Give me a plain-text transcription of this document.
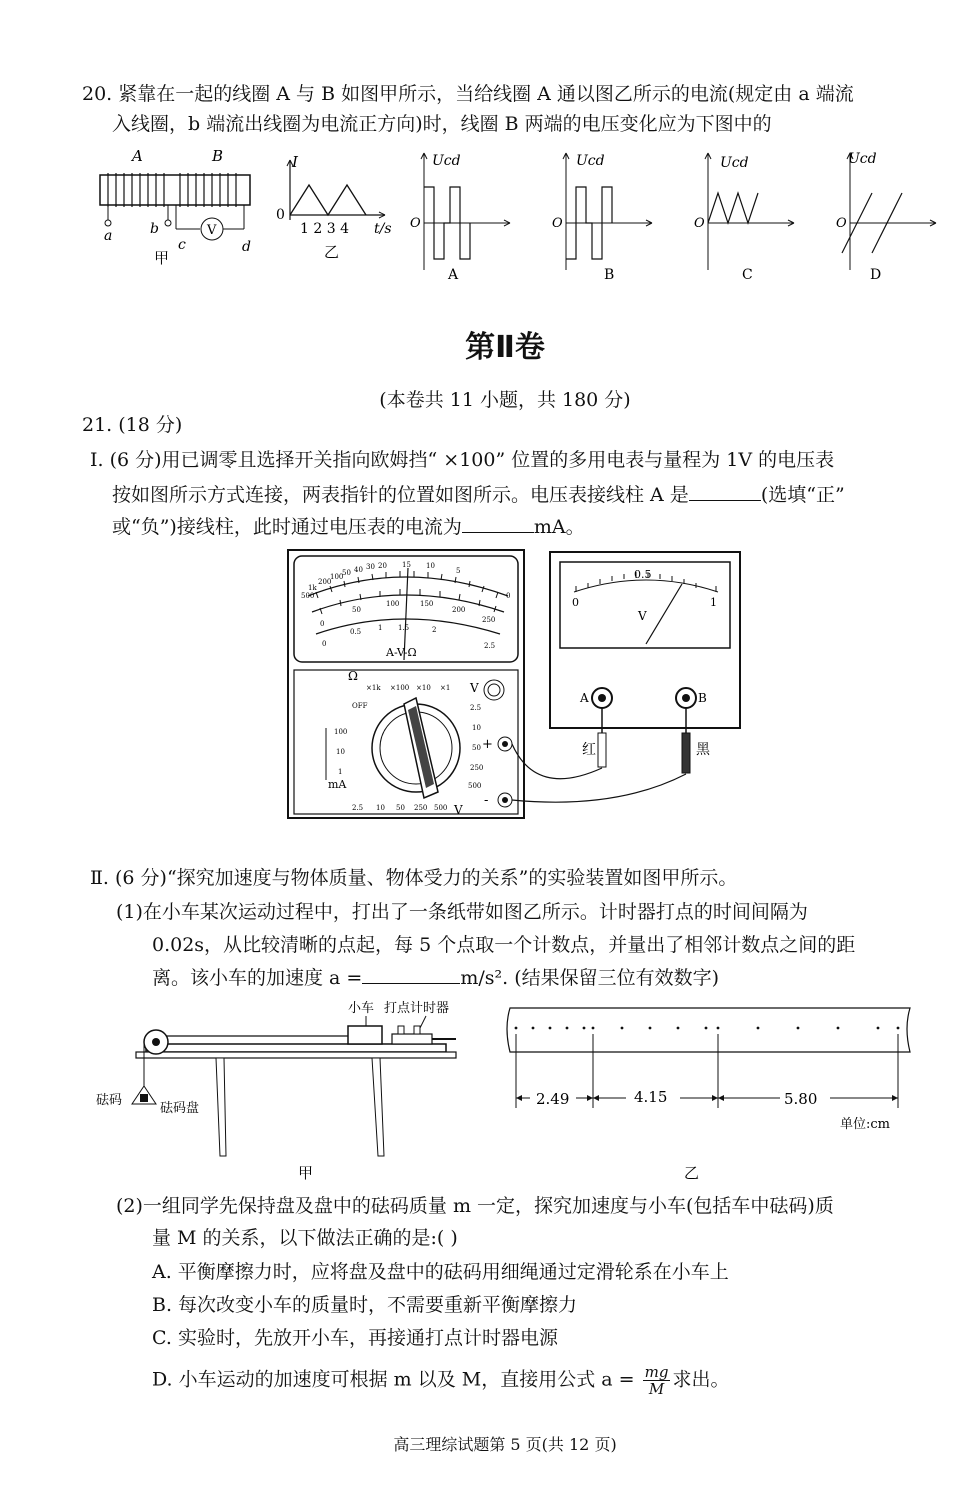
20. 紧靠在一起的线圈 A 与 B 如图甲所示，当给线圈 A 通以图乙所示的电流(规定由 a 端流
入线圈，b 端流出线圈为电流正方向)时，线圈 B 两端的电压变化应为下图中的
A	B
V
a	b
c	d
甲
I
0
1 2 3 4 t/s
乙
Ucd
O
A
Ucd
O
B
Ucd
O
C
Ucd
O
D
第Ⅱ卷
(本卷共 11 小题，共 180 分)
21. (18 分)
Ⅰ. (6 分)用已调零且选择开关指向欧姆挡“ ×100” 位置的多用电表与量程为 1V 的电压表
按如图所示方式连接，两表指针的位置如图所示。电压表接线柱 A 是	(选填“正”
或“负”)接线柱，此时通过电压表的电流为	mA。
A-V-Ω
500
1k
200
100
50 40 30 20 15 10
5
0
0
50
100	150
200
250
0
0.5 1 1.5	2
2.5
Ω
×1k ×100 ×10 ×1
OFF	2.5
10
50
250
500
100
10
1
2.5 10 50 250 500
V
V
mA
+
-
0
0.5
1
V
A	B
红	黑
Ⅱ. (6 分)“探究加速度与物体质量、物体受力的关系”的实验装置如图甲所示。
(1)在小车某次运动过程中，打出了一条纸带如图乙所示。计时器打点的时间间隔为
0.02s，从比较清晰的点起，每 5 个点取一个计数点，并量出了相邻计数点之间的距
离。该小车的加速度 a =	m/s². (结果保留三位有效数字)
小车 打点计时器
砝码
砝码盘
甲
2.49	4.15	5.80
单位:cm
乙
(2)一组同学先保持盘及盘中的砝码质量 m 一定，探究加速度与小车(包括车中砝码)质
量 M 的关系，以下做法正确的是:( )
A. 平衡摩擦力时，应将盘及盘中的砝码用细绳通过定滑轮系在小车上
B. 每次改变小车的质量时，不需要重新平衡摩擦力
C. 实验时，先放开小车，再接通打点计时器电源
D. 小车运动的加速度可根据 m 以及 M，直接用公式 $a = \frac{mg}{M}$ 求出。
高三理综试题第 5 页(共 12 页)
